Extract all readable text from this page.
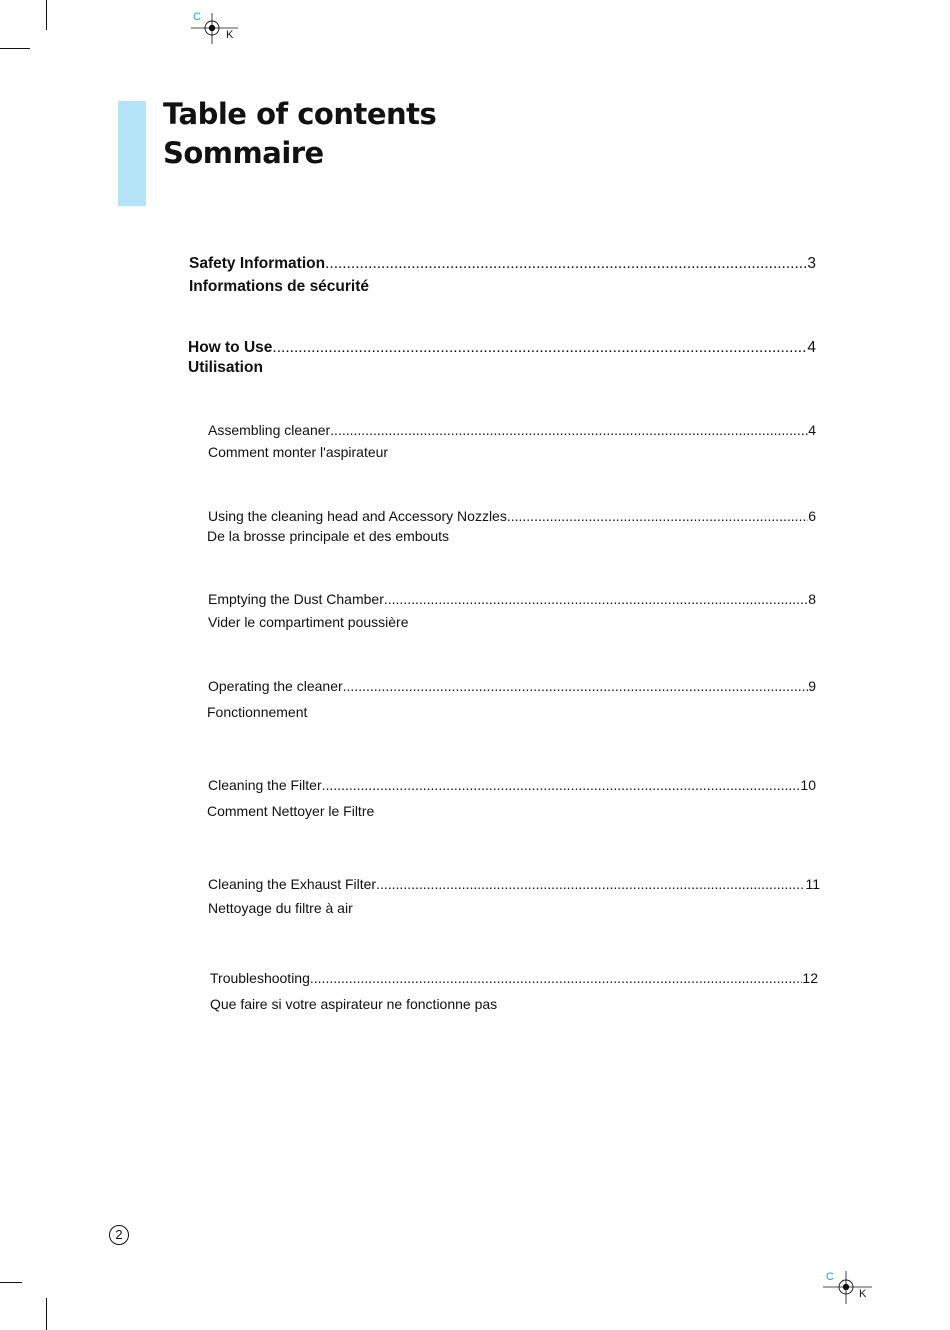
C
K
C
K
Table of contents
Sommaire
Safety Information .....	3
Informations de sécurité
How to Use .....	4
Utilisation
Assembling cleaner .....	4
Comment monter l'aspirateur
Using the cleaning head and Accessory Nozzles .....	6
De la brosse principale et des embouts
Emptying the Dust Chamber .....	8
Vider le compartiment poussière
Operating the cleaner .....	9
Fonctionnement
Cleaning the Filter .....	10
Comment Nettoyer le Filtre
Cleaning the Exhaust Filter .....	11
Nettoyage du filtre à air
Troubleshooting .....	12
Que faire si votre aspirateur ne fonctionne pas
2
